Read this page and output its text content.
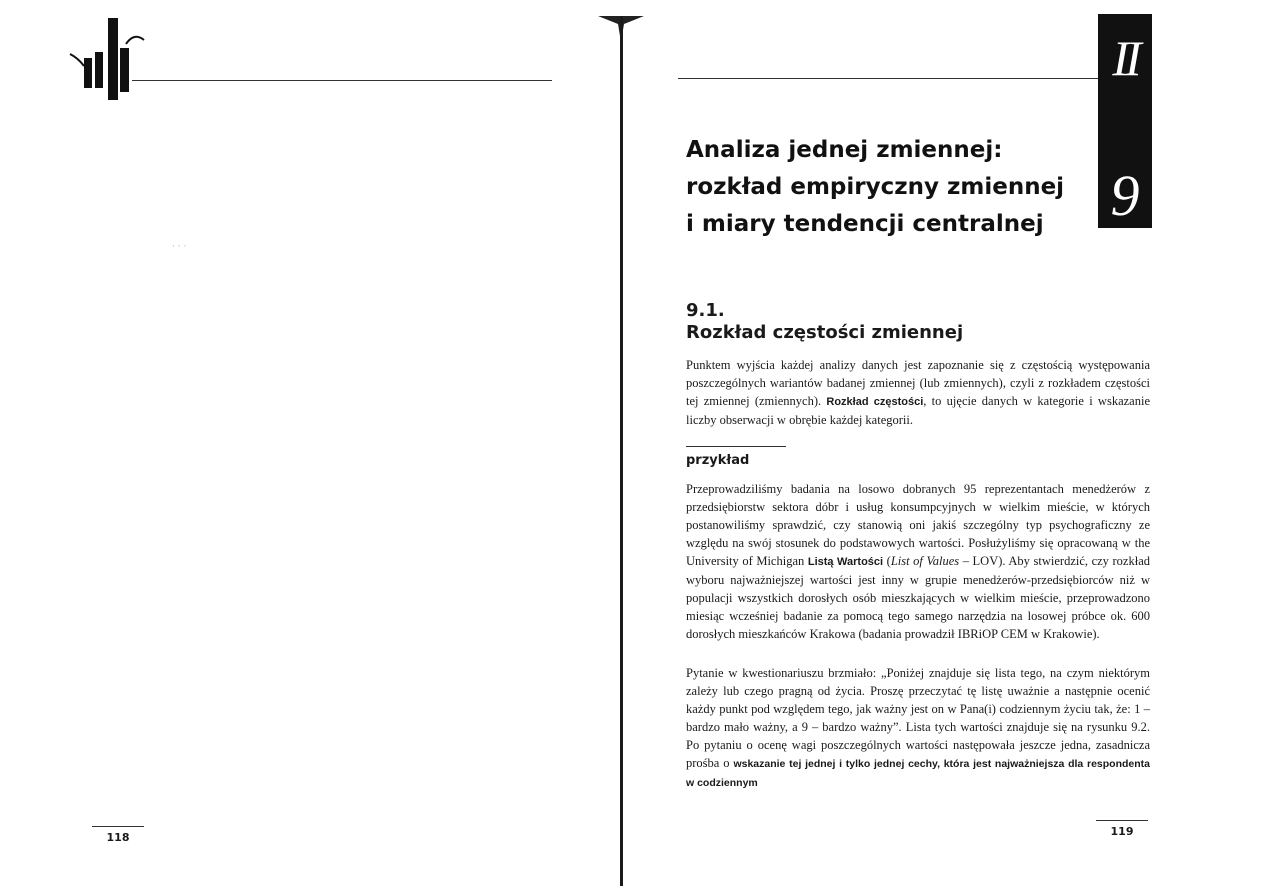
· · ·
118
II
9
Analiza jednej zmiennej:
rozkład empiryczny zmiennej
i miary tendencji centralnej
9.1.
Rozkład częstości zmiennej

Punktem wyjścia każdej analizy danych jest zapoznanie się z częstością występowania poszczególnych wariantów badanej zmiennej (lub zmiennych), czyli z rozkładem częstości tej zmiennej (zmiennych). Rozkład częstości, to ujęcie danych w kategorie i wskazanie liczby obserwacji w obrębie każdej kategorii.

przykład

Przeprowadziliśmy badania na losowo dobranych 95 reprezentantach menedżerów z przedsiębiorstw sektora dóbr i usług konsumpcyjnych w wielkim mieście, w których postanowiliśmy sprawdzić, czy stanowią oni jakiś szczególny typ psychograficzny ze względu na swój stosunek do podstawowych wartości. Posłużyliśmy się opracowaną w the University of Michigan Listą Wartości (List of Values – LOV). Aby stwierdzić, czy rozkład wyboru najważniejszej wartości jest inny w grupie menedżerów-przedsiębiorców niż w populacji wszystkich dorosłych osób mieszkających w wielkim mieście, przeprowadzono miesiąc wcześniej badanie za pomocą tego samego narzędzia na losowej próbce ok. 600 dorosłych mieszkańców Krakowa (badania prowadził IBRiOP CEM w Krakowie).

Pytanie w kwestionariuszu brzmiało: „Poniżej znajduje się lista tego, na czym niektórym zależy lub czego pragną od życia. Proszę przeczytać tę listę uważnie a następnie ocenić każdy punkt pod względem tego, jak ważny jest on w Pana(i) codziennym życiu tak, że: 1 – bardzo mało ważny, a 9 – bardzo ważny”. Lista tych wartości znajduje się na rysunku 9.2. Po pytaniu o ocenę wagi poszczególnych wartości następowała jeszcze jedna, zasadnicza prośba o wskazanie tej jednej i tylko jednej cechy, która jest najważniejsza dla respondenta w codziennym

119
